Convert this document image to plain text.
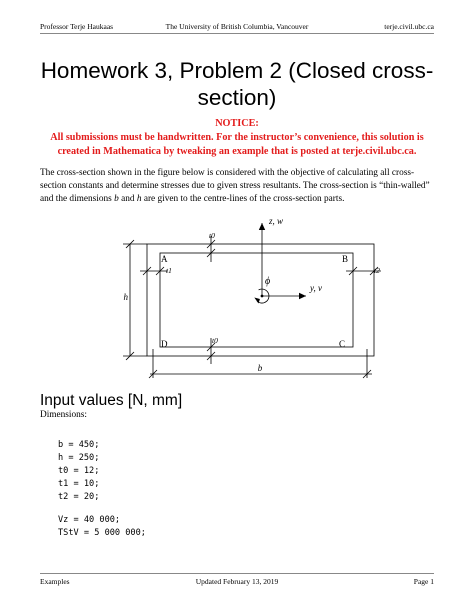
Professor Terje Haukaas	The University of British Columbia, Vancouver	terje.civil.ubc.ca
Homework 3, Problem 2 (Closed cross-section)
NOTICE:
All submissions must be handwritten. For the instructor’s convenience, this solution is created in Mathematica by tweaking an example that is posted at terje.civil.ubc.ca.
The cross-section shown in the figure below is considered with the objective of calculating all cross-section constants and determine stresses due to given stress resultants. The cross-section is “thin-walled” and the dimensions b and h are given to the centre-lines of the cross-section parts.
z, w
y, v
ϕ
A	B
C
D
t0
t0
t1	t2
h
b
Input values [N, mm]
Dimensions:
b = 450;
h = 250;
t0 = 12;
t1 = 10;
t2 = 20;
Vz = 40 000;
TStV = 5 000 000;
Examples	Updated February 13, 2019	Page 1
